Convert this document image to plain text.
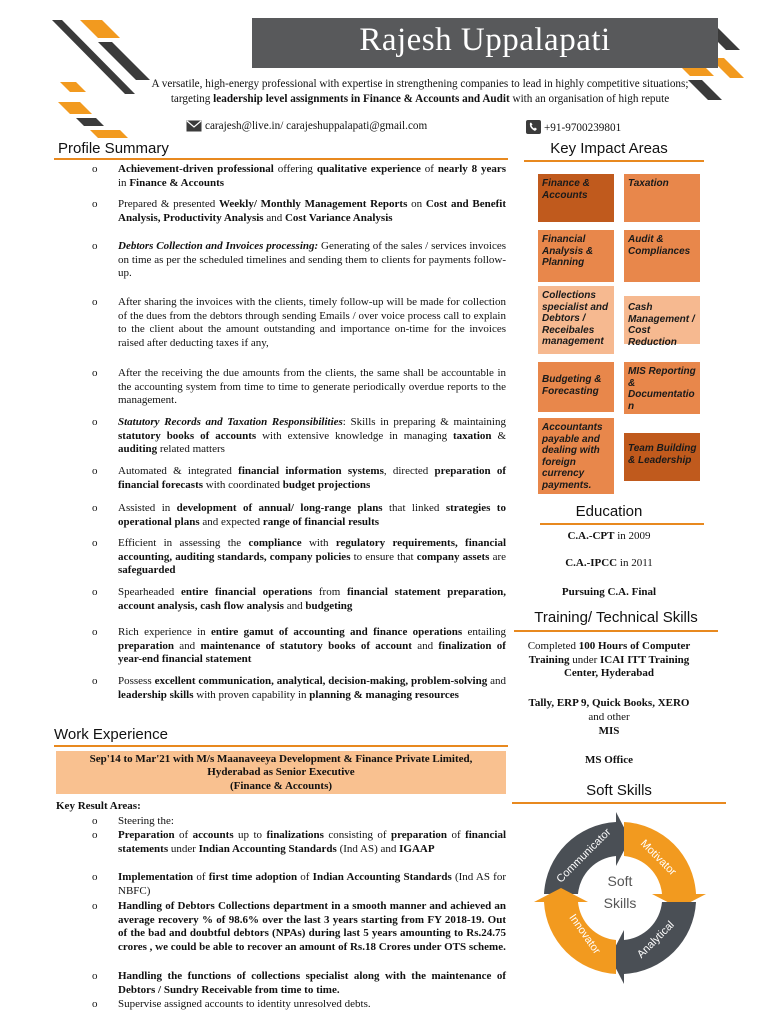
Rajesh Uppalapati
A versatile, high-energy professional with expertise in strengthening companies to lead in highly competitive situations;
targeting leadership level assignments in Finance & Accounts and Audit with an organisation of high repute
carajesh@live.in/ carajeshuppalapati@gmail.com	+91-9700239801
Profile Summary
o Achievement-driven professional offering qualitative experience of nearly 8 years in Finance & Accounts
o Prepared & presented Weekly/ Monthly Management Reports on Cost and Benefit Analysis, Productivity Analysis and Cost Variance Analysis
o Debtors Collection and Invoices processing: Generating of the sales / services invoices on time as per the scheduled timelines and sending them to clients for payments follow-up.
o After sharing the invoices with the clients, timely follow-up will be made for collection of the dues from the debtors through sending Emails / over voice process call to explain to the client about the amount outstanding and importance on-time for the invoices raised after deducting taxes if any,
o After the receiving the due amounts from the clients, the same shall be accountable in the accounting system from time to time to generate periodically overdue reports to the management.
o Statutory Records and Taxation Responsibilities: Skills in preparing & maintaining statutory books of accounts with extensive knowledge in managing taxation & auditing related matters
o Automated & integrated financial information systems, directed preparation of financial forecasts with coordinated budget projections
o Assisted in development of annual/ long-range plans that linked strategies to operational plans and expected range of financial results
o Efficient in assessing the compliance with regulatory requirements, financial accounting, auditing standards, company policies to ensure that company assets are safeguarded
o Spearheaded entire financial operations from financial statement preparation, account analysis, cash flow analysis and budgeting
o Rich experience in entire gamut of accounting and finance operations entailing preparation and maintenance of statutory books of account and finalization of year-end financial statement
o Possess excellent communication, analytical, decision-making, problem-solving and leadership skills with proven capability in planning & managing resources
Key Impact Areas
Finance & Accounts
Taxation
Financial Analysis & Planning
Audit & Compliances
Collections specialist and Debtors / Receibales management
Cash Management / Cost Reduction
Budgeting & Forecasting
MIS Reporting & Documentatio n
Accountants payable and dealing with foreign currency payments.
Team Building & Leadership
Education
C.A.-CPT in 2009
C.A.-IPCC in 2011
Pursuing C.A. Final
Training/ Technical Skills
Completed 100 Hours of Computer
Training under ICAI ITT Training
Center, Hyderabad
Tally, ERP 9, Quick Books, XERO
and other
MIS
MS Office
Soft Skills
Soft
Skills
Communicator Motivator
Analytical
Innovator
Work Experience
Sep'14 to Mar'21 with M/s Maanaveeya Development & Finance Private Limited,
Hyderabad as Senior Executive
(Finance & Accounts)
Key Result Areas:
o Steering the:
o Preparation of accounts up to finalizations consisting of preparation of financial statements under Indian Accounting Standards (Ind AS) and IGAAP
o Implementation of first time adoption of Indian Accounting Standards (Ind AS for NBFC)
o Handling of Debtors Collections department in a smooth manner and achieved an average recovery % of 98.6% over the last 3 years starting from FY 2018-19. Out of the bad and doubtful debtors (NPAs) during last 5 years amounting to Rs.24.75 crores , we could be able to recover an amount of Rs.18 Crores under OTS scheme.
o Handling the functions of collections specialist along with the maintenance of Debtors / Sundry Receivable from time to time.
o Supervise assigned accounts to identity unresolved debts.
